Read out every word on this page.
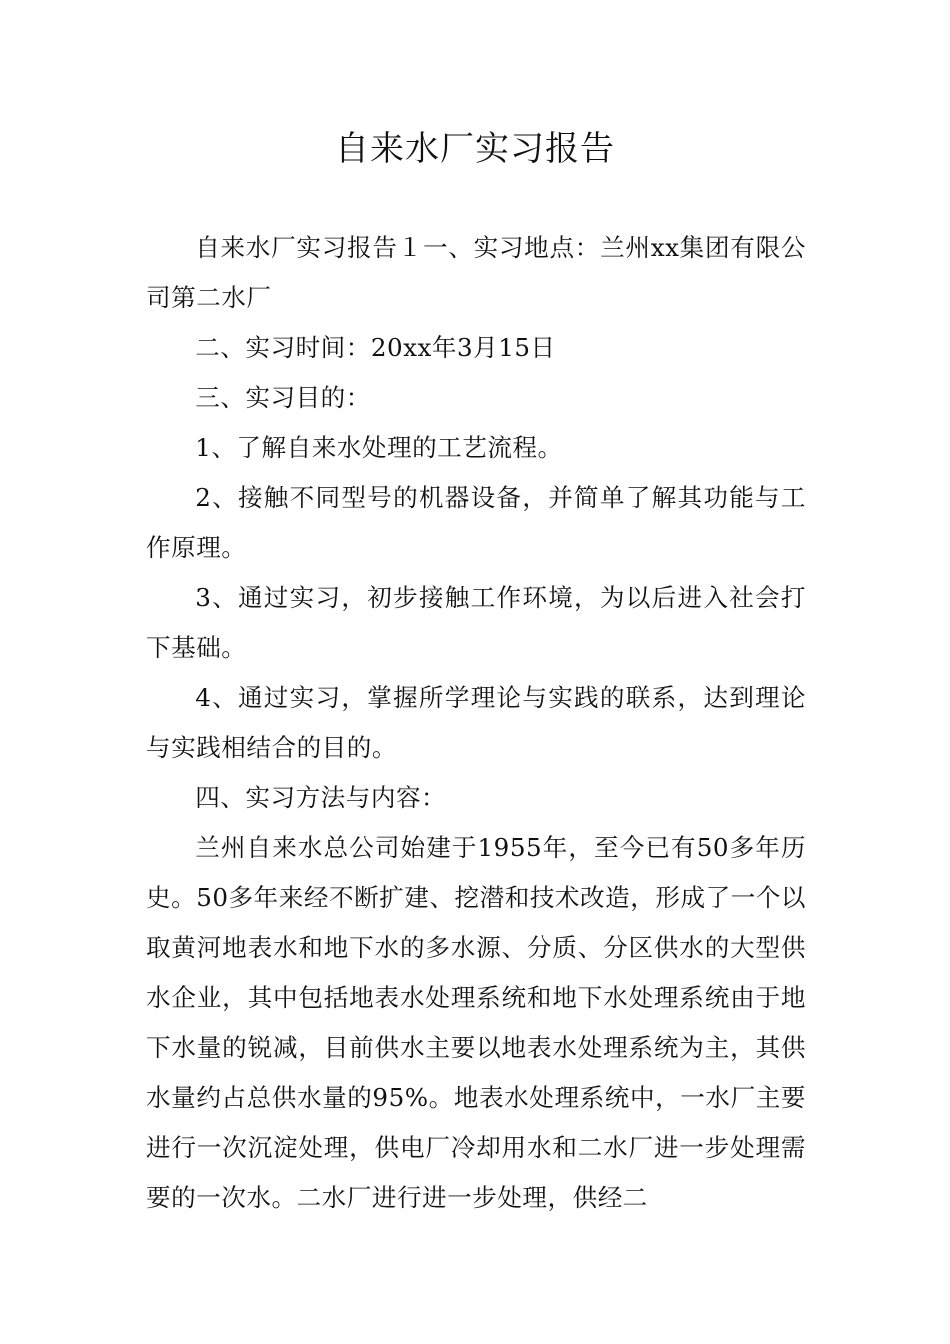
自来水厂实习报告

自来水厂实习报告１一、实习地点：兰州xx集团有限公司第二水厂

二、实习时间：20xx年3月15日

三、实习目的：

1、了解自来水处理的工艺流程。

2、接触不同型号的机器设备，并简单了解其功能与工作原理。

3、通过实习，初步接触工作环境，为以后进入社会打下基础。

4、通过实习，掌握所学理论与实践的联系，达到理论与实践相结合的目的。

四、实习方法与内容：

兰州自来水总公司始建于1955年，至今已有50多年历史。50多年来经不断扩建、挖潜和技术改造，形成了一个以取黄河地表水和地下水的多水源、分质、分区供水的大型供水企业，其中包括地表水处理系统和地下水处理系统由于地下水量的锐减，目前供水主要以地表水处理系统为主，其供水量约占总供水量的95%。地表水处理系统中，一水厂主要进行一次沉淀处理，供电厂冷却用水和二水厂进一步处理需要的一次水。二水厂进行进一步处理，供经二
